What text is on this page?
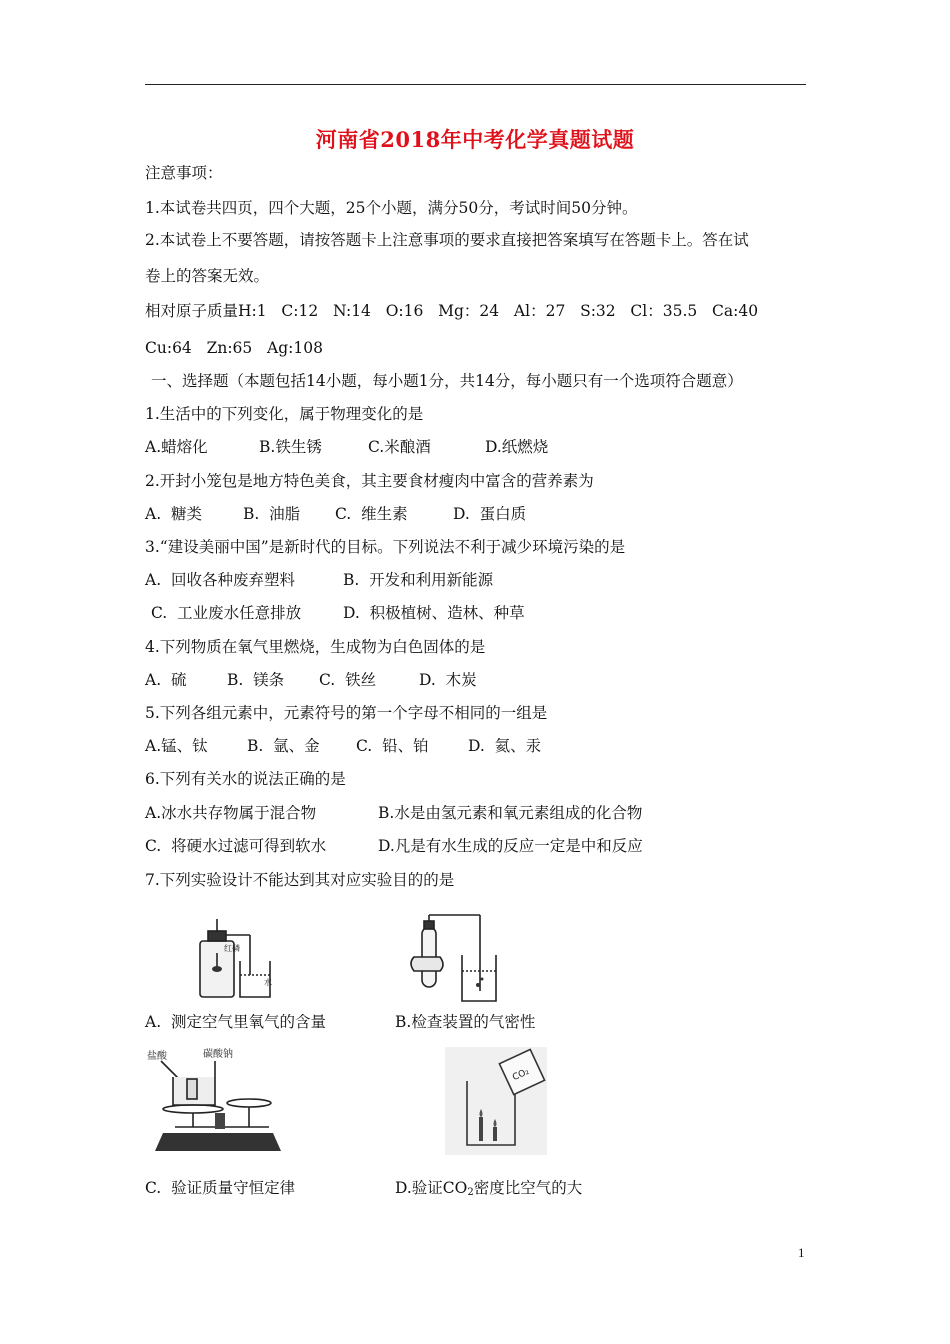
河南省2018年中考化学真题试题
注意事项：
1.本试卷共四页，四个大题，25个小题，满分50分，考试时间50分钟。
2.本试卷上不要答题，请按答题卡上注意事项的要求直接把答案填写在答题卡上。答在试
卷上的答案无效。
相对原子质量H:1   C:12   N:14   O:16   Mg：24   Al：27   S:32   Cl：35.5   Ca:40
Cu:64   Zn:65   Ag:108
一、选择题（本题包括14小题，每小题1分，共14分，每小题只有一个选项符合题意）
1.生活中的下列变化，属于物理变化的是
A.蜡熔化	B.铁生锈	C.米酿酒	D.纸燃烧
2.开封小笼包是地方特色美食，其主要食材瘦肉中富含的营养素为
A.  糖类	B.  油脂 C.  维生素	D.  蛋白质
3.“建设美丽中国”是新时代的目标。下列说法不利于减少环境污染的是
A.  回收各种废弃塑料	B.  开发和利用新能源
C.  工业废水任意排放	D.  积极植树、造林、种草
4.下列物质在氧气里燃烧，生成物为白色固体的是
A.  硫	B.  镁条 C.  铁丝	D.  木炭
5.下列各组元素中，元素符号的第一个字母不相同的一组是
A.锰、钛	B.  氩、金 C.  铅、铂	D.  氦、汞
6.下列有关水的说法正确的是
A.冰水共存物属于混合物	B.水是由氢元素和氧元素组成的化合物
C.  将硬水过滤可得到软水	D.凡是有水生成的反应一定是中和反应
7.下列实验设计不能达到其对应实验目的的是
红磷
水
A.  测定空气里氧气的含量	B.检查装置的气密性
盐酸	碳酸钠
CO₂
C.  验证质量守恒定律	D.验证$CO_2$密度比空气的大
1
